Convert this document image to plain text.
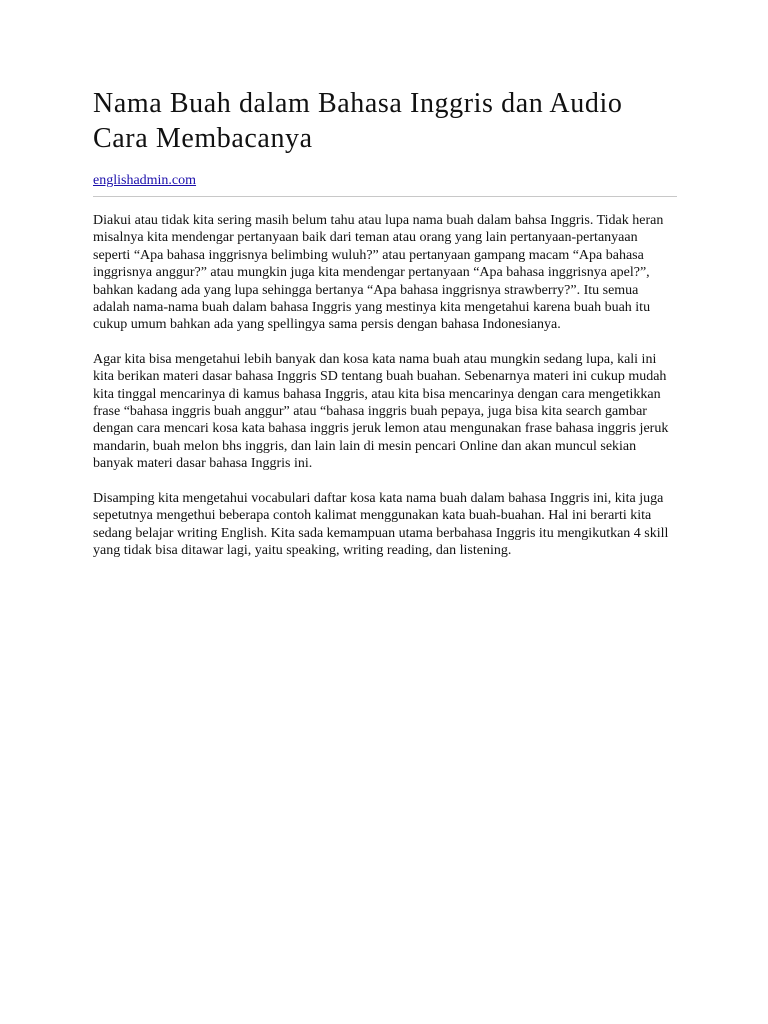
Nama Buah dalam Bahasa Inggris dan Audio Cara Membacanya
englishadmin.com

Diakui atau tidak kita sering masih belum tahu atau lupa nama buah dalam bahsa Inggris. Tidak heran misalnya kita mendengar pertanyaan baik dari teman atau orang yang lain pertanyaan-pertanyaan seperti “Apa bahasa inggrisnya belimbing wuluh?” atau pertanyaan gampang macam “Apa bahasa inggrisnya anggur?” atau mungkin juga kita mendengar pertanyaan “Apa bahasa inggrisnya apel?”, bahkan kadang ada yang lupa sehingga bertanya “Apa bahasa inggrisnya strawberry?”. Itu semua adalah nama-nama buah dalam bahasa Inggris yang mestinya kita mengetahui karena buah buah itu cukup umum bahkan ada yang spellingya sama persis dengan bahasa Indonesianya.

Agar kita bisa mengetahui lebih banyak dan kosa kata nama buah atau mungkin sedang lupa, kali ini kita berikan materi dasar bahasa Inggris SD tentang buah buahan. Sebenarnya materi ini cukup mudah kita tinggal mencarinya di kamus bahasa Inggris, atau kita bisa mencarinya dengan cara mengetikkan frase “bahasa inggris buah anggur” atau “bahasa inggris buah pepaya, juga bisa kita search gambar dengan cara mencari kosa kata bahasa inggris jeruk lemon atau mengunakan frase bahasa inggris jeruk mandarin, buah melon bhs inggris, dan lain lain di mesin pencari Online dan akan muncul sekian banyak materi dasar bahasa Inggris ini.

Disamping kita mengetahui vocabulari daftar kosa kata nama buah dalam bahasa Inggris ini, kita juga sepetutnya mengethui beberapa contoh kalimat menggunakan kata buah-buahan. Hal ini berarti kita sedang belajar writing English. Kita sada kemampuan utama berbahasa Inggris itu mengikutkan 4 skill yang tidak bisa ditawar lagi, yaitu speaking, writing reading, dan listening.
